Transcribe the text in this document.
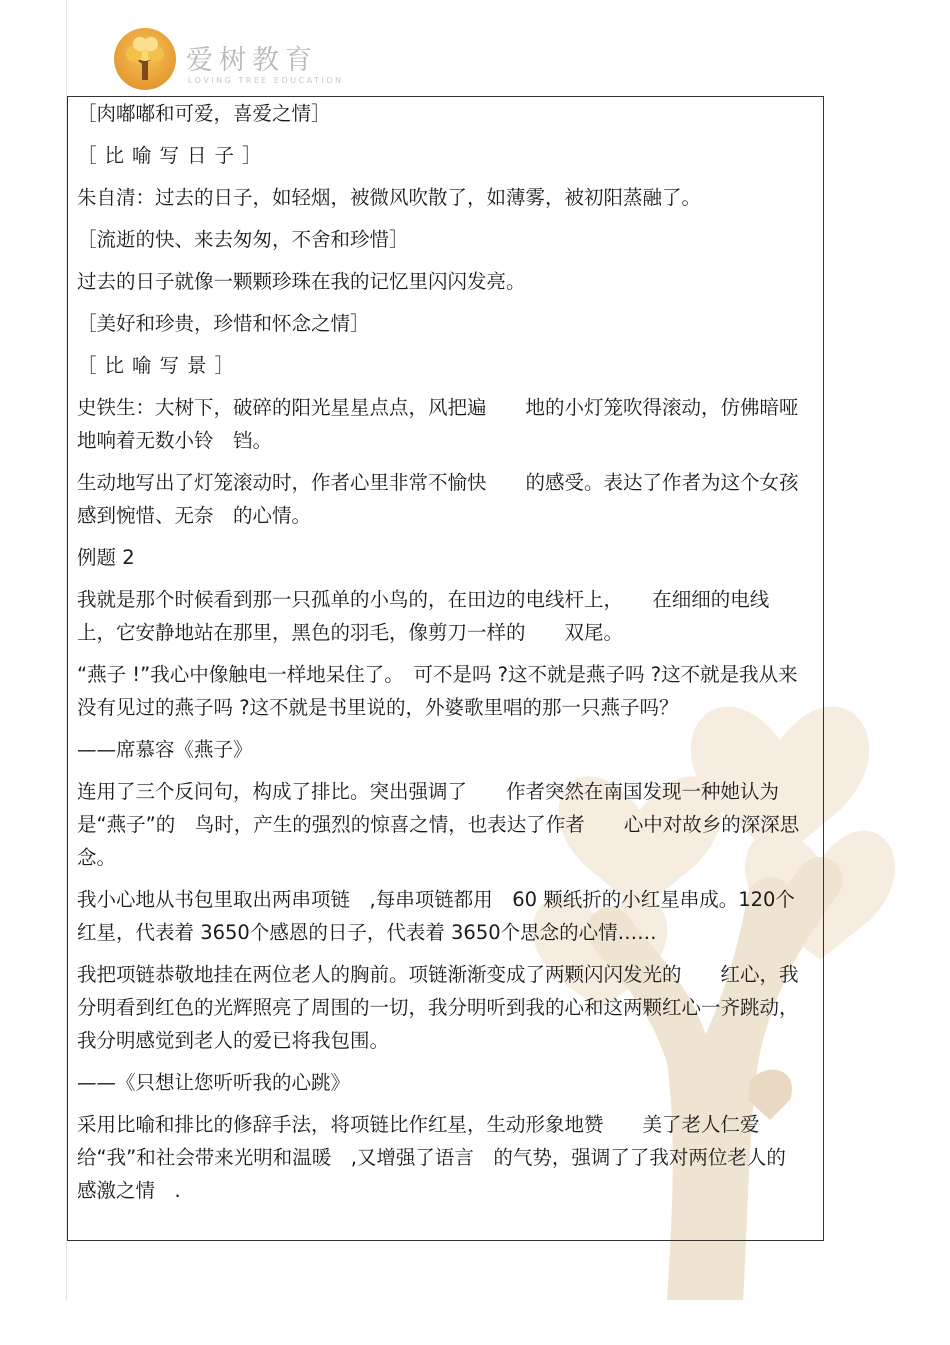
爱树教育
LOVING TREE EDUCATION

［肉嘟嘟和可爱，喜爱之情］

［比喻写日子］

朱自清：过去的日子，如轻烟，被微风吹散了，如薄雾，被初阳蒸融了。

［流逝的快、来去匆匆，不舍和珍惜］

过去的日子就像一颗颗珍珠在我的记忆里闪闪发亮。

［美好和珍贵，珍惜和怀念之情］

［比喻写景］

史铁生：大树下，破碎的阳光星星点点，风把遍　　地的小灯笼吹得滚动，仿佛暗哑地响着无数小铃　铛。

生动地写出了灯笼滚动时，作者心里非常不愉快　　的感受。表达了作者为这个女孩感到惋惜、无奈　的心情。

例题 2

我就是那个时候看到那一只孤单的小鸟的，在田边的电线杆上，　　在细细的电线上，它安静地站在那里，黑色的羽毛，像剪刀一样的　　双尾。

“燕子 !”我心中像触电一样地呆住了。　可不是吗 ?这不就是燕子吗 ?这不就是我从来没有见过的燕子吗 ?这不就是书里说的，外婆歌里唱的那一只燕子吗？

——席慕容《燕子》

连用了三个反问句，构成了排比。突出强调了　　作者突然在南国发现一种她认为是“燕子”的　鸟时，产生的强烈的惊喜之情，也表达了作者　　心中对故乡的深深思念。

我小心地从书包里取出两串项链　,每串项链都用　60 颗纸折的小红星串成。120个红星，代表着 3650个感恩的日子，代表着 3650个思念的心情……

我把项链恭敬地挂在两位老人的胸前。项链渐渐变成了两颗闪闪发光的　　红心，我分明看到红色的光辉照亮了周围的一切，我分明听到我的心和这两颗红心一齐跳动，我分明感觉到老人的爱已将我包围。

——《只想让您听听我的心跳》

采用比喻和排比的修辞手法，将项链比作红星，生动形象地赞　　美了老人仁爱给“我”和社会带来光明和温暖　,又增强了语言　的气势，强调了了我对两位老人的感激之情　.
